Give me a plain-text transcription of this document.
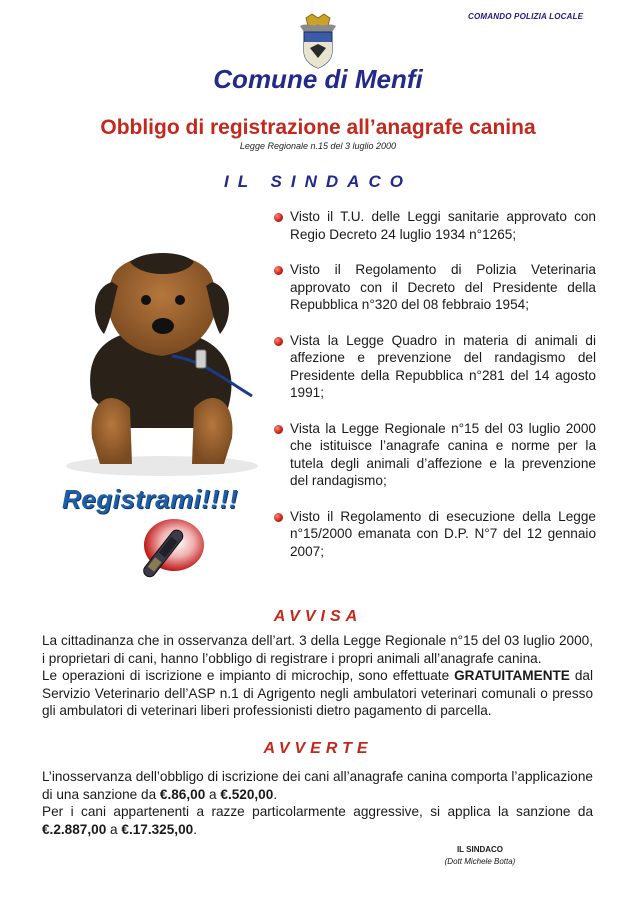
COMANDO POLIZIA LOCALE
Comune di Menfi
Obbligo di registrazione all’anagrafe canina
Legge Regionale n.15 del 3 luglio 2000
IL SINDACO
Registrami!!!!
Visto il T.U. delle Leggi sanitarie approvato con Regio Decreto 24 luglio 1934 n°1265;
Visto il Regolamento di Polizia Veterinaria approvato con il Decreto del Presidente della Repubblica n°320 del 08 febbraio 1954;
Vista la Legge Quadro in materia di animali di affezione e prevenzione del randagismo del Presidente della Repubblica n°281 del 14 agosto 1991;
Vista la Legge Regionale n°15 del 03 luglio 2000 che istituisce l’anagrafe canina e norme per la tutela degli animali d’affezione e la prevenzione del randagismo;
Visto il Regolamento di esecuzione della Legge n°15/2000 emanata con D.P. N°7 del 12 gennaio 2007;
AVVISA

La cittadinanza che in osservanza dell’art. 3 della Legge Regionale n°15 del 03 luglio 2000, i proprietari di cani, hanno l’obbligo di registrare i propri animali all’anagrafe canina.

Le operazioni di iscrizione e impianto di microchip, sono effettuate GRATUITAMENTE dal Servizio Veterinario dell’ASP n.1 di Agrigento negli ambulatori veterinari comunali o presso gli ambulatori di veterinari liberi professionisti dietro pagamento di parcella.

AVVERTE

L’inosservanza dell’obbligo di iscrizione dei cani all’anagrafe canina comporta l’applicazione di una sanzione da €.86,00 a €.520,00.

Per i cani appartenenti a razze particolarmente aggressive, si applica la sanzione da €.2.887,00 a €.17.325,00.

IL SINDACO
(Dott Michele Botta)
